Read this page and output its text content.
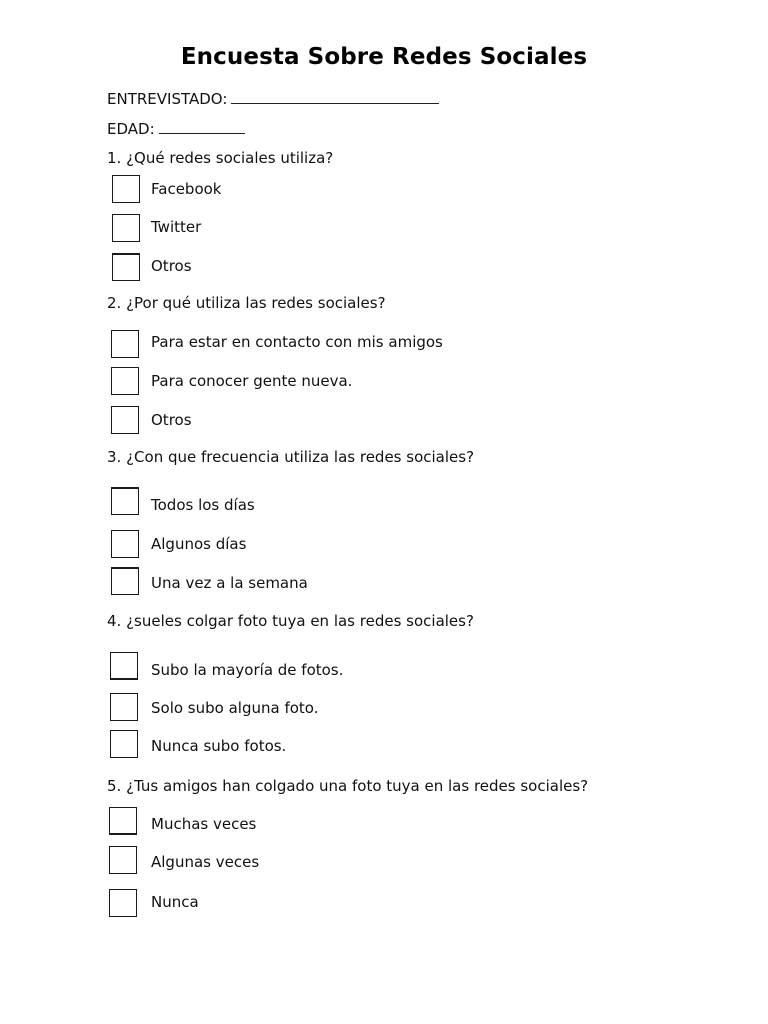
Encuesta Sobre Redes Sociales
ENTREVISTADO:
EDAD:
1. ¿Qué redes sociales utiliza?
Facebook
Twitter
Otros
2. ¿Por qué utiliza las redes sociales?
Para estar en contacto con mis amigos
Para conocer gente nueva.
Otros
3. ¿Con que frecuencia utiliza las redes sociales?
Todos los días
Algunos días
Una vez a la semana
4. ¿sueles colgar foto tuya en las redes sociales?
Subo la mayoría de fotos.
Solo subo alguna foto.
Nunca subo fotos.
5. ¿Tus amigos han colgado una foto tuya en las redes sociales?
Muchas veces
Algunas veces
Nunca
